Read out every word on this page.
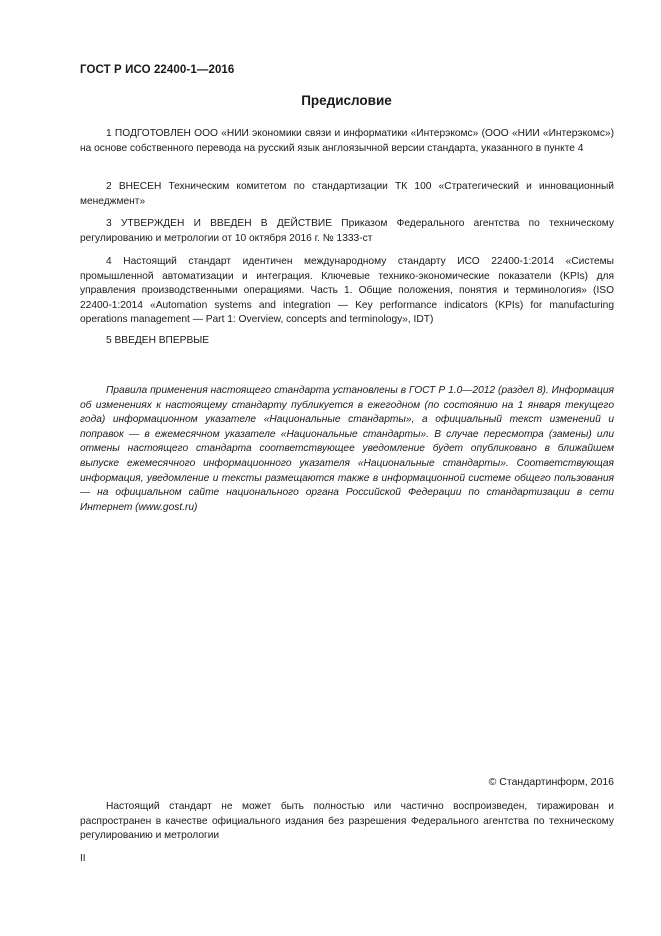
ГОСТ Р ИСО 22400-1—2016
Предисловие

1 ПОДГОТОВЛЕН ООО «НИИ экономики связи и информатики «Интерэкомс» (ООО «НИИ «Интерэкомс») на основе собственного перевода на русский язык англоязычной версии стандарта, указанного в пункте 4

2 ВНЕСЕН Техническим комитетом по стандартизации ТК 100 «Стратегический и инновационный менеджмент»

3 УТВЕРЖДЕН И ВВЕДЕН В ДЕЙСТВИЕ Приказом Федерального агентства по техническому регулированию и метрологии от 10 октября 2016 г. № 1333-ст

4 Настоящий стандарт идентичен международному стандарту ИСО 22400-1:2014 «Системы промышленной автоматизации и интеграция. Ключевые технико-экономические показатели (KPIs) для управления производственными операциями. Часть 1. Общие положения, понятия и терминология» (ISO 22400-1:2014 «Automation systems and integration — Key performance indicators (KPIs) for manufacturing operations management — Part 1: Overview, concepts and terminology», IDT)

5 ВВЕДЕН ВПЕРВЫЕ

Правила применения настоящего стандарта установлены в ГОСТ Р 1.0—2012 (раздел 8). Информация об изменениях к настоящему стандарту публикуется в ежегодном (по состоянию на 1 января текущего года) информационном указателе «Национальные стандарты», а официальный текст изменений и поправок — в ежемесячном указателе «Национальные стандарты». В случае пересмотра (замены) или отмены настоящего стандарта соответствующее уведомление будет опубликовано в ближайшем выпуске ежемесячного информационного указателя «Национальные стандарты». Соответствующая информация, уведомление и тексты размещаются также в информационной системе общего пользования — на официальном сайте национального органа Российской Федерации по стандартизации в сети Интернет (www.gost.ru)

© Стандартинформ, 2016

Настоящий стандарт не может быть полностью или частично воспроизведен, тиражирован и распространен в качестве официального издания без разрешения Федерального агентства по техническому регулированию и метрологии

II
